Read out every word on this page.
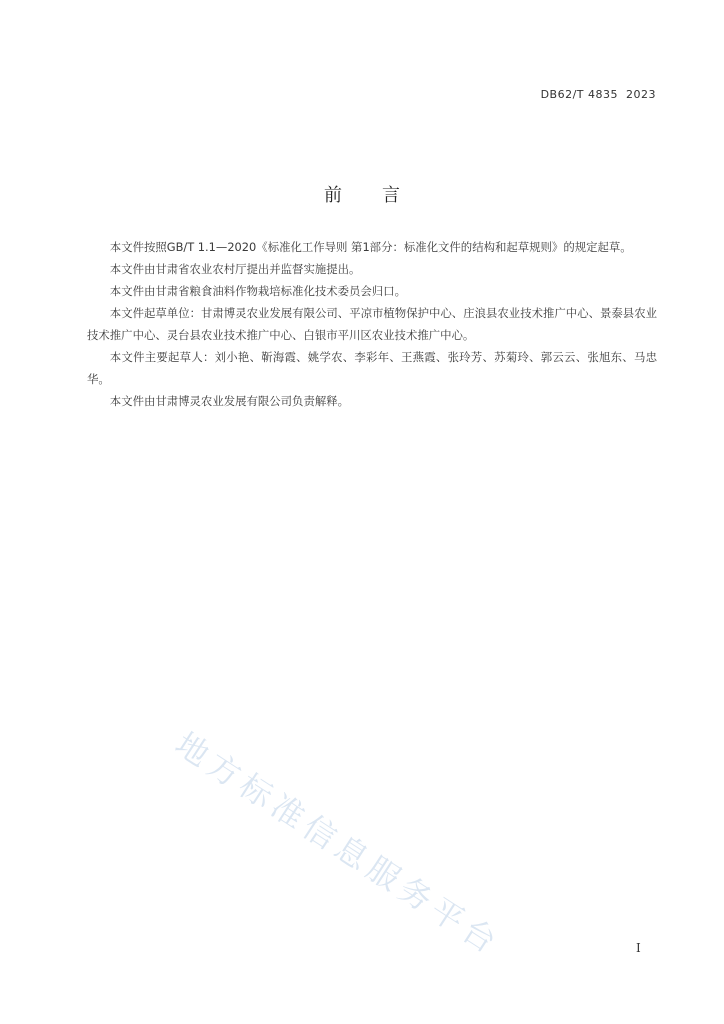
DB62/T 4835  2023
前 言

本文件按照GB/T 1.1—2020《标准化工作导则 第1部分：标准化文件的结构和起草规则》的规定起草。

本文件由甘肃省农业农村厅提出并监督实施提出。

本文件由甘肃省粮食油料作物栽培标准化技术委员会归口。

本文件起草单位：甘肃博灵农业发展有限公司、平凉市植物保护中心、庄浪县农业技术推广中心、景泰县农业技术推广中心、灵台县农业技术推广中心、白银市平川区农业技术推广中心。

本文件主要起草人：刘小艳、靳海霞、姚学农、李彩年、王燕霞、张玲芳、苏菊玲、郭云云、张旭东、马忠华。

本文件由甘肃博灵农业发展有限公司负责解释。

地方标准信息服务平台	I
